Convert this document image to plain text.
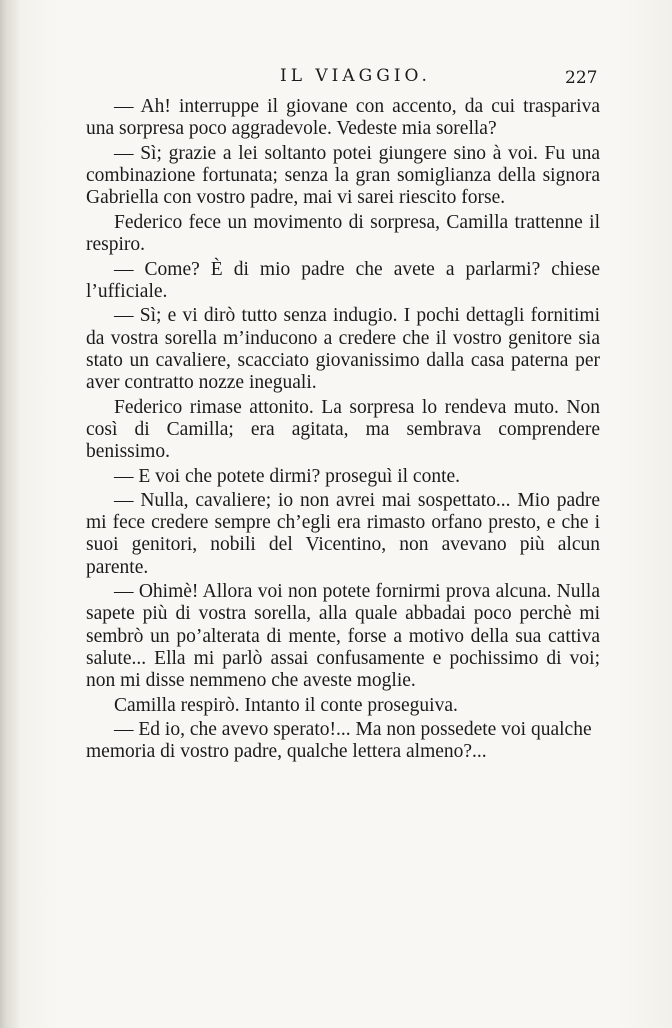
IL VIAGGIO.	227

— Ah! interruppe il giovane con accento, da cui traspariva una sorpresa poco aggradevole. Vedeste mia sorella?

— Sì; grazie a lei soltanto potei giungere sino à voi. Fu una combinazione fortunata; senza la gran somiglianza della signora Gabriella con vostro padre, mai vi sarei riescito forse.

Federico fece un movimento di sorpresa, Camilla trattenne il respiro.

— Come? È di mio padre che avete a parlarmi? chiese l’ufficiale.

— Sì; e vi dirò tutto senza indugio. I pochi dettagli fornitimi da vostra sorella m’inducono a credere che il vostro genitore sia stato un cavaliere, scacciato giovanissimo dalla casa paterna per aver contratto nozze ineguali.

Federico rimase attonito. La sorpresa lo rendeva muto. Non così di Camilla; era agitata, ma sembrava comprendere benissimo.

— E voi che potete dirmi? proseguì il conte.

— Nulla, cavaliere; io non avrei mai sospettato... Mio padre mi fece credere sempre ch’egli era rimasto orfano presto, e che i suoi genitori, nobili del Vicentino, non avevano più alcun parente.

— Ohimè! Allora voi non potete fornirmi prova alcuna. Nulla sapete più di vostra sorella, alla quale abbadai poco perchè mi sembrò un po’alterata di mente, forse a motivo della sua cattiva salute... Ella mi parlò assai confusamente e pochissimo di voi; non mi disse nemmeno che aveste moglie.

Camilla respirò. Intanto il conte proseguiva.

— Ed io, che avevo sperato!... Ma non possedete voi qualche memoria di vostro padre, qualche lettera almeno?...
